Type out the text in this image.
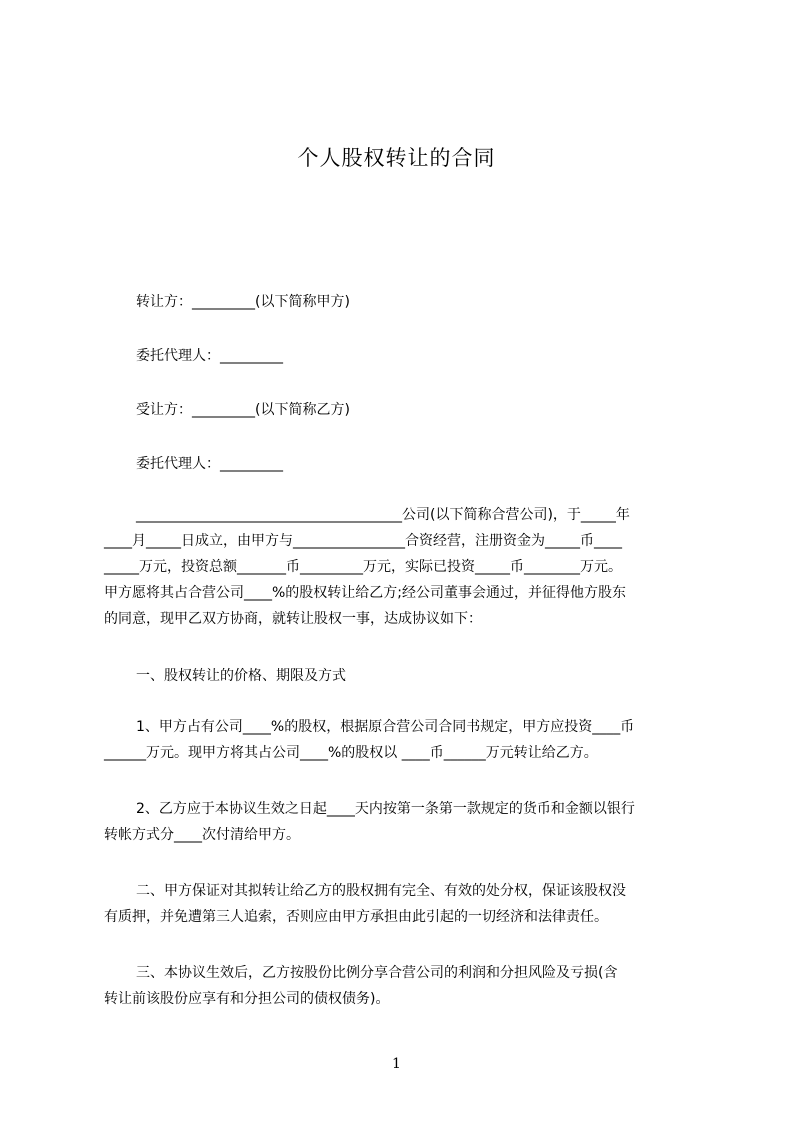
个人股权转让的合同
转让方：_________(以下简称甲方)
委托代理人：_________
受让方：_________(以下简称乙方)
委托代理人：_________
______________________________________公司(以下简称合营公司)，于_____年
____月_____日成立，由甲方与________________合资经营，注册资金为_____币____
_____万元，投资总额_______币_________万元，实际已投资_____币________万元。
甲方愿将其占合营公司____%的股权转让给乙方;经公司董事会通过，并征得他方股东
的同意，现甲乙双方协商，就转让股权一事，达成协议如下：
一、股权转让的价格、期限及方式
1、甲方占有公司____%的股权，根据原合营公司合同书规定，甲方应投资____币
______万元。现甲方将其占公司____%的股权以 ____币______万元转让给乙方。
2、乙方应于本协议生效之日起____天内按第一条第一款规定的货币和金额以银行
转帐方式分____次付清给甲方。
二、甲方保证对其拟转让给乙方的股权拥有完全、有效的处分权，保证该股权没
有质押，并免遭第三人追索，否则应由甲方承担由此引起的一切经济和法律责任。
三、本协议生效后，乙方按股份比例分享合营公司的利润和分担风险及亏损(含
转让前该股份应享有和分担公司的债权债务)。
1
